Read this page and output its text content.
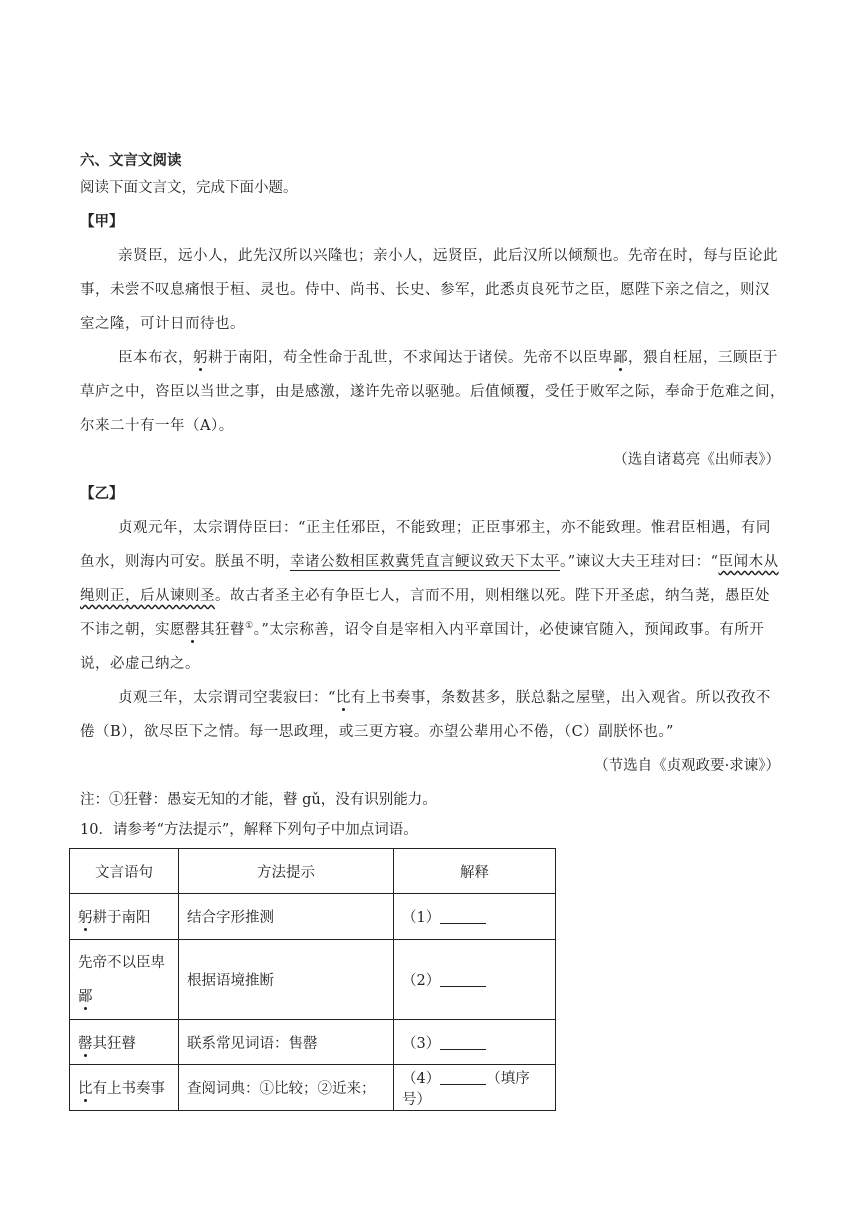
六、文言文阅读
阅读下面文言文，完成下面小题。
【甲】
亲贤臣，远小人，此先汉所以兴隆也；亲小人，远贤臣，此后汉所以倾颓也。先帝在时，每与臣论此
事，未尝不叹息痛恨于桓、灵也。侍中、尚书、长史、参军，此悉贞良死节之臣，愿陛下亲之信之，则汉
室之隆，可计日而待也。
臣本布衣，躬耕于南阳，苟全性命于乱世，不求闻达于诸侯。先帝不以臣卑鄙，猥自枉屈，三顾臣于
草庐之中，咨臣以当世之事，由是感激，遂许先帝以驱驰。后值倾覆，受任于败军之际，奉命于危难之间，
尔来二十有一年（A）。
（选自诸葛亮《出师表》）
【乙】
贞观元年，太宗谓侍臣曰：“正主任邪臣，不能致理；正臣事邪主，亦不能致理。惟君臣相遇，有同
鱼水，则海内可安。朕虽不明，幸诸公数相匡救冀凭直言鲠议致天下太平。”谏议大夫王珪对曰：“臣闻木从
绳则正，后从谏则圣。故古者圣主必有争臣七人，言而不用，则相继以死。陛下开圣虑，纳刍荛，愚臣处
不讳之朝，实愿罄其狂瞽①。”太宗称善，诏令自是宰相入内平章国计，必使谏官随入，预闻政事。有所开
说，必虚己纳之。
贞观三年，太宗谓司空裴寂曰：“比有上书奏事，条数甚多，朕总黏之屋壁，出入观省。所以孜孜不
倦（B），欲尽臣下之情。每一思政理，或三更方寝。亦望公辈用心不倦，（C）副朕怀也。”
（节选自《贞观政要·求谏》）
注：①狂瞽：愚妄无知的才能，瞽 gǔ，没有识别能力。
10．请参考“方法提示”，解释下列句子中加点词语。
文言语句	方法提示	解释
躬耕于南阳	结合字形推测	（1）
先帝不以臣卑
鄙	根据语境推断	（2）
罄其狂瞽	联系常见词语：售罄	（3）
比有上书奏事	查阅词典：①比较；②近来；	（4） （填序号）
